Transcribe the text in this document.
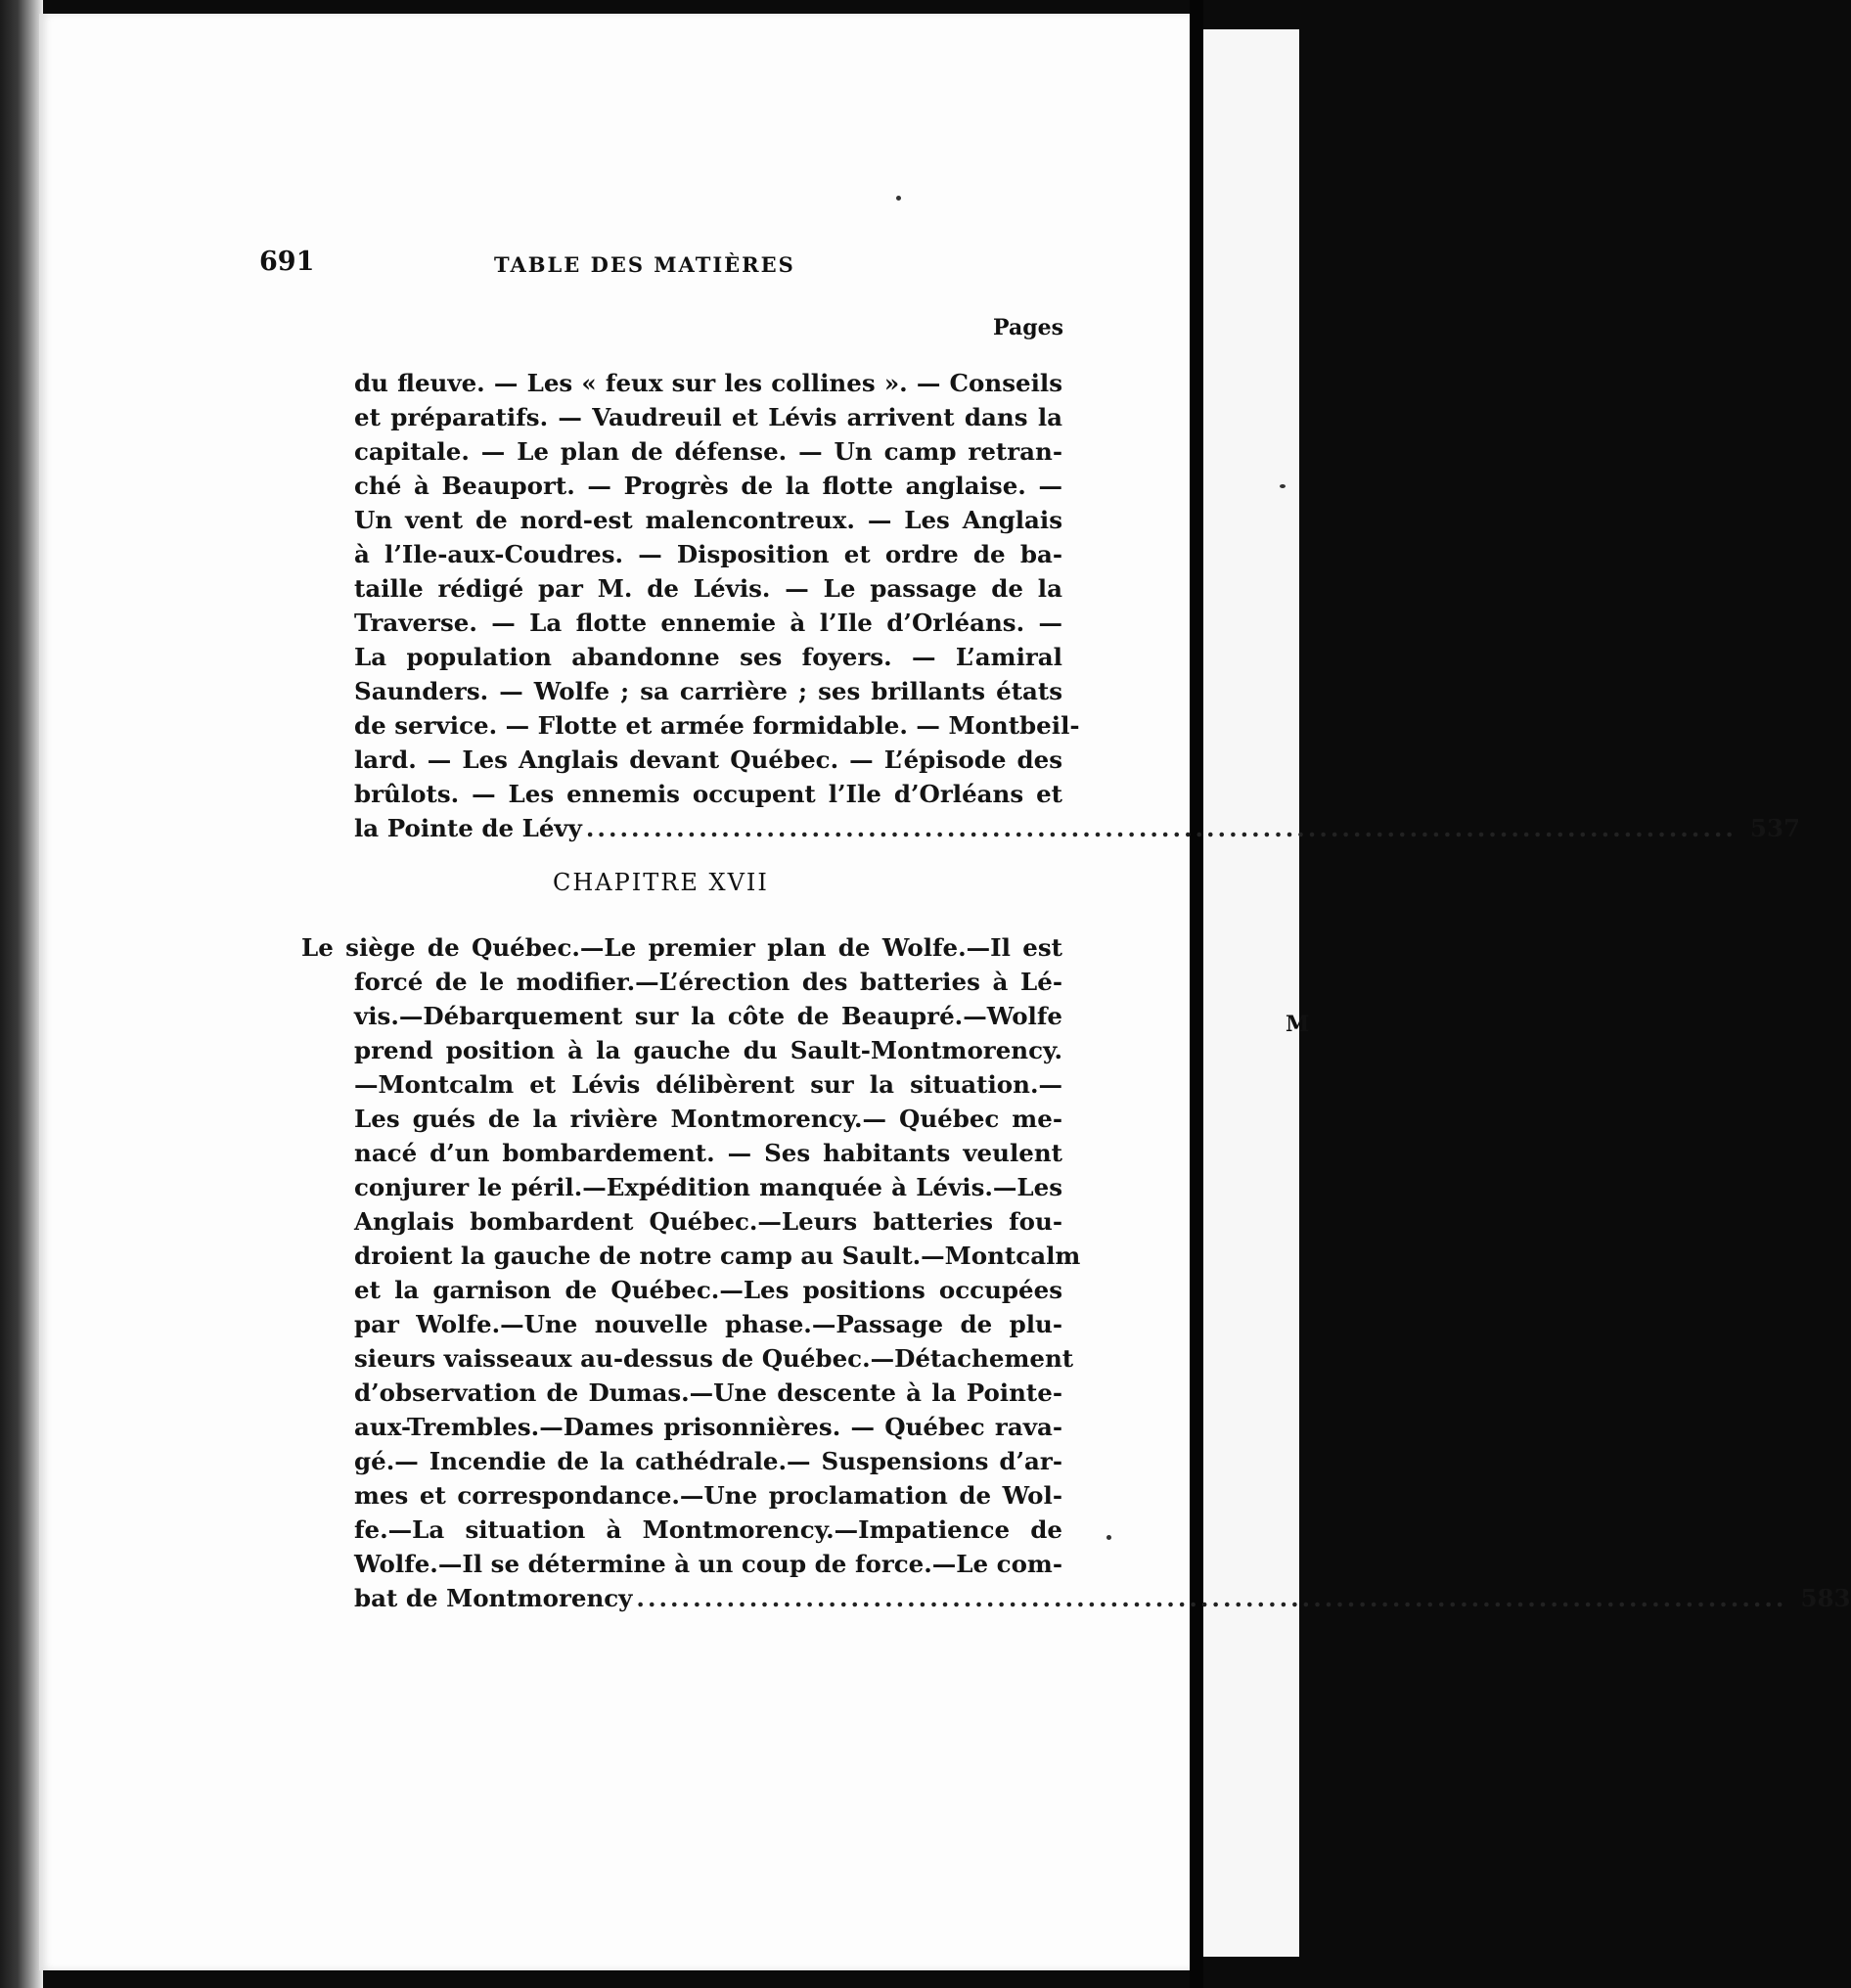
M
691	TABLE DES MATIÈRES
Pages
du fleuve. — Les « feux sur les collines ». — Conseils
et préparatifs. — Vaudreuil et Lévis arrivent dans la
capitale. — Le plan de défense. — Un camp retran-
ché à Beauport. — Progrès de la flotte anglaise. —
Un vent de nord-est malencontreux. — Les Anglais
à l’Ile-aux-Coudres. — Disposition et ordre de ba-
taille rédigé par M. de Lévis. — Le passage de la
Traverse. — La flotte ennemie à l’Ile d’Orléans. —
La population abandonne ses foyers. — L’amiral
Saunders. — Wolfe ; sa carrière ; ses brillants états
de service. — Flotte et armée formidable. — Montbeil-
lard. — Les Anglais devant Québec. — L’épisode des
brûlots. — Les ennemis occupent l’Ile d’Orléans et
la Pointe de Lévy ...................................................................................................... 537
CHAPITRE XVII
Le siège de Québec.—Le premier plan de Wolfe.—Il est
forcé de le modifier.—L’érection des batteries à Lé-
vis.—Débarquement sur la côte de Beaupré.—Wolfe
prend position à la gauche du Sault-Montmorency.
—Montcalm et Lévis délibèrent sur la situation.—
Les gués de la rivière Montmorency.— Québec me-
nacé d’un bombardement. — Ses habitants veulent
conjurer le péril.—Expédition manquée à Lévis.—Les
Anglais bombardent Québec.—Leurs batteries fou-
droient la gauche de notre camp au Sault.—Montcalm
et la garnison de Québec.—Les positions occupées
par Wolfe.—Une nouvelle phase.—Passage de plu-
sieurs vaisseaux au-dessus de Québec.—Détachement
d’observation de Dumas.—Une descente à la Pointe-
aux-Trembles.—Dames prisonnières. — Québec rava-
gé.— Incendie de la cathédrale.— Suspensions d’ar-
mes et correspondance.—Une proclamation de Wol-
fe.—La situation à Montmorency.—Impatience de
Wolfe.—Il se détermine à un coup de force.—Le com-
bat de Montmorency ...................................................................................................... 583
